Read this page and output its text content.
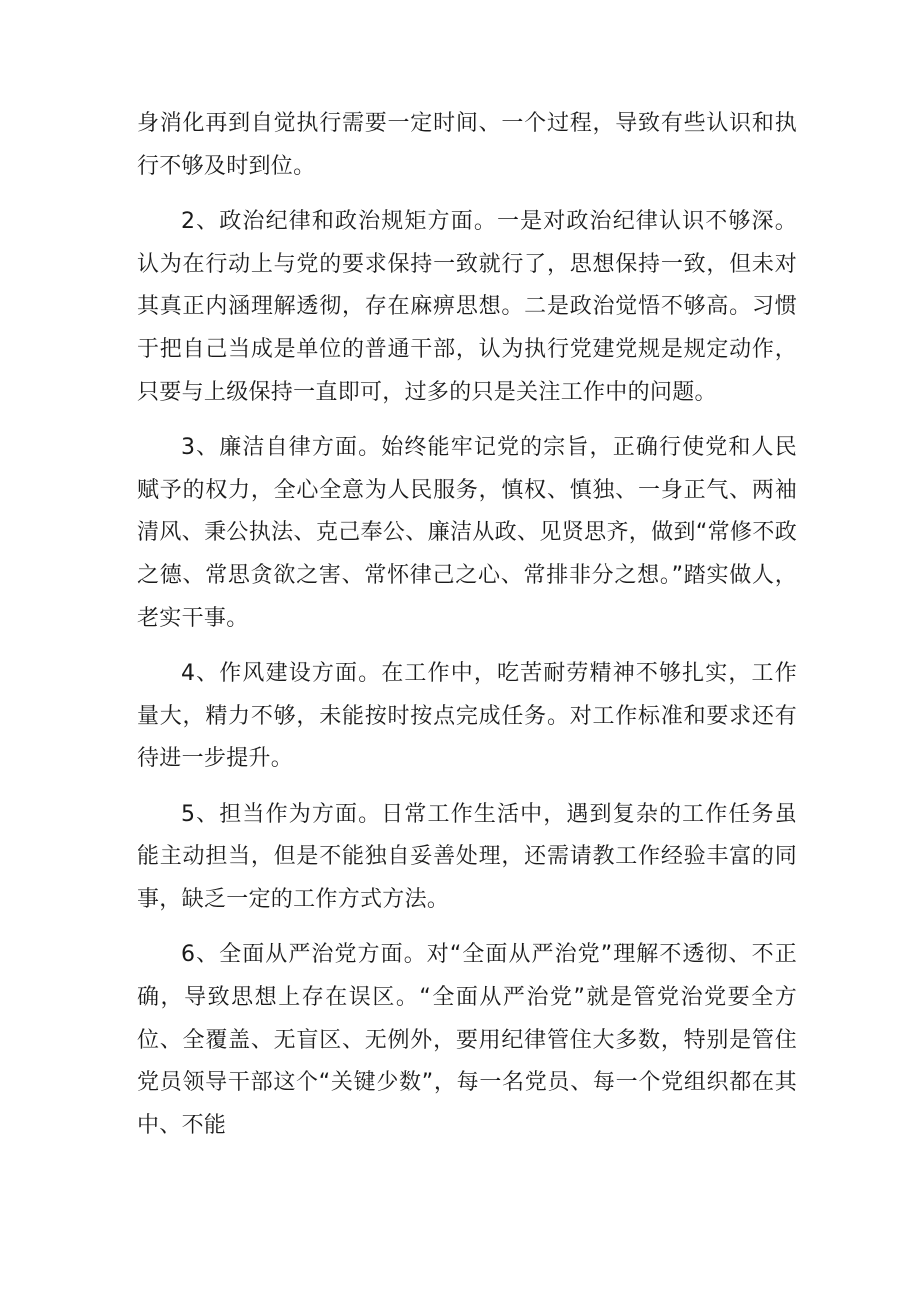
身消化再到自觉执行需要一定时间、一个过程，导致有些认识和执行不够及时到位。

2、政治纪律和政治规矩方面。一是对政治纪律认识不够深。认为在行动上与党的要求保持一致就行了，思想保持一致，但未对其真正内涵理解透彻，存在麻痹思想。二是政治觉悟不够高。习惯于把自己当成是单位的普通干部，认为执行党建党规是规定动作，只要与上级保持一直即可，过多的只是关注工作中的问题。

3、廉洁自律方面。始终能牢记党的宗旨，正确行使党和人民赋予的权力，全心全意为人民服务，慎权、慎独、一身正气、两袖清风、秉公执法、克己奉公、廉洁从政、见贤思齐，做到“常修不政之德、常思贪欲之害、常怀律己之心、常排非分之想。”踏实做人，老实干事。

4、作风建设方面。在工作中，吃苦耐劳精神不够扎实，工作量大，精力不够，未能按时按点完成任务。对工作标准和要求还有待进一步提升。

5、担当作为方面。日常工作生活中，遇到复杂的工作任务虽能主动担当，但是不能独自妥善处理，还需请教工作经验丰富的同事，缺乏一定的工作方式方法。

6、全面从严治党方面。对“全面从严治党”理解不透彻、不正确，导致思想上存在误区。“全面从严治党”就是管党治党要全方位、全覆盖、无盲区、无例外，要用纪律管住大多数，特别是管住党员领导干部这个“关键少数”，每一名党员、每一个党组织都在其中、不能
